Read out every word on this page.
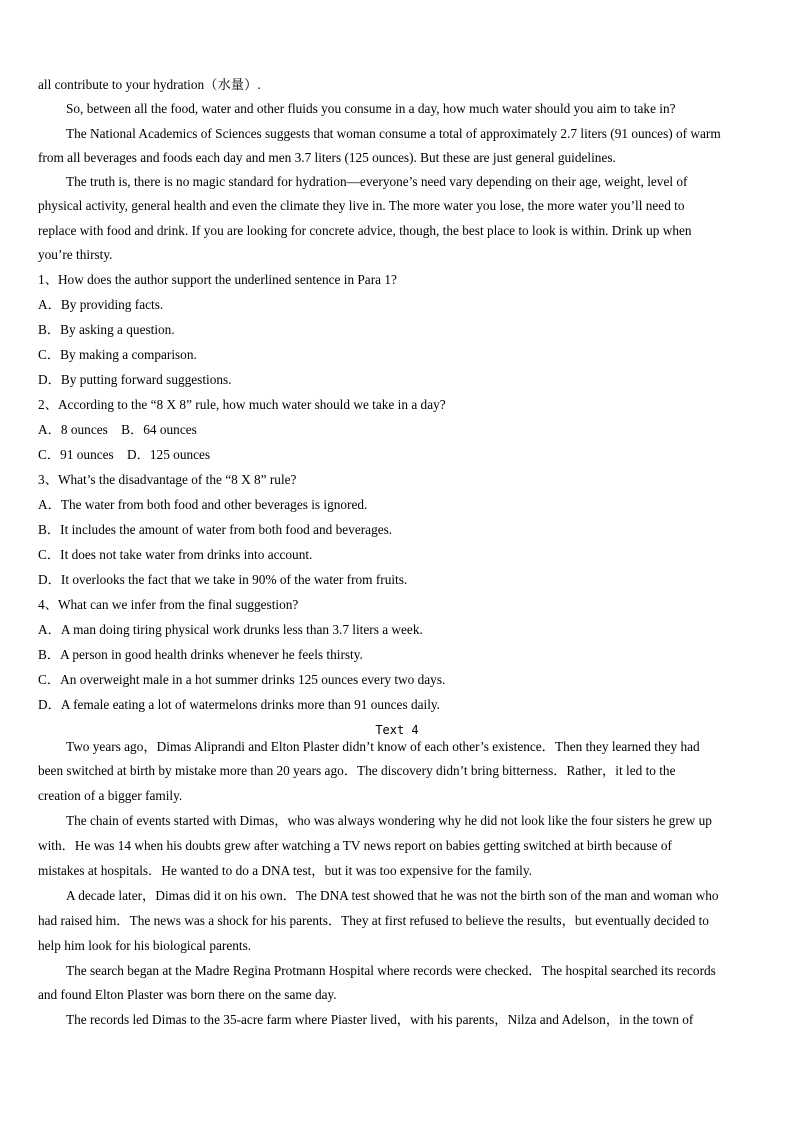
all contribute to your hydration（水量）.
So, between all the food, water and other fluids you consume in a day, how much water should you aim to take in?
The National Academics of Sciences suggests that woman consume a total of approximately 2.7 liters (91 ounces) of warm
from all beverages and foods each day and men 3.7 liters (125 ounces). But these are just general guidelines.
The truth is, there is no magic standard for hydration—everyone’s need vary depending on their age, weight, level of
physical activity, general health and even the climate they live in. The more water you lose, the more water you’ll need to
replace with food and drink. If you are looking for concrete advice, though, the best place to look is within. Drink up when
you’re thirsty.
1、How does the author support the underlined sentence in Para 1?
A．By providing facts.
B．By asking a question.
C．By making a comparison.
D．By putting forward suggestions.
2、According to the “8 X 8” rule, how much water should we take in a day?
A．8 ounces　B．64 ounces
C．91 ounces　D．125 ounces
3、What’s the disadvantage of the “8 X 8” rule?
A．The water from both food and other beverages is ignored.
B．It includes the amount of water from both food and beverages.
C．It does not take water from drinks into account.
D．It overlooks the fact that we take in 90% of the water from fruits.
4、What can we infer from the final suggestion?
A．A man doing tiring physical work drunks less than 3.7 liters a week.
B．A person in good health drinks whenever he feels thirsty.
C．An overweight male in a hot summer drinks 125 ounces every two days.
D．A female eating a lot of watermelons drinks more than 91 ounces daily.
Text 4
Two years ago，Dimas Aliprandi and Elton Plaster didn’t know of each other’s existence．Then they learned they had
been switched at birth by mistake more than 20 years ago．The discovery didn’t bring bitterness．Rather，it led to the
creation of a bigger family.
The chain of events started with Dimas，who was always wondering why he did not look like the four sisters he grew up
with．He was 14 when his doubts grew after watching a TV news report on babies getting switched at birth because of
mistakes at hospitals．He wanted to do a DNA test，but it was too expensive for the family.
A decade later，Dimas did it on his own．The DNA test showed that he was not the birth son of the man and woman who
had raised him．The news was a shock for his parents．They at first refused to believe the results，but eventually decided to
help him look for his biological parents.
The search began at the Madre Regina Protmann Hospital where records were checked．The hospital searched its records
and found Elton Plaster was born there on the same day.
The records led Dimas to the 35-acre farm where Piaster lived，with his parents，Nilza and Adelson，in the town of
